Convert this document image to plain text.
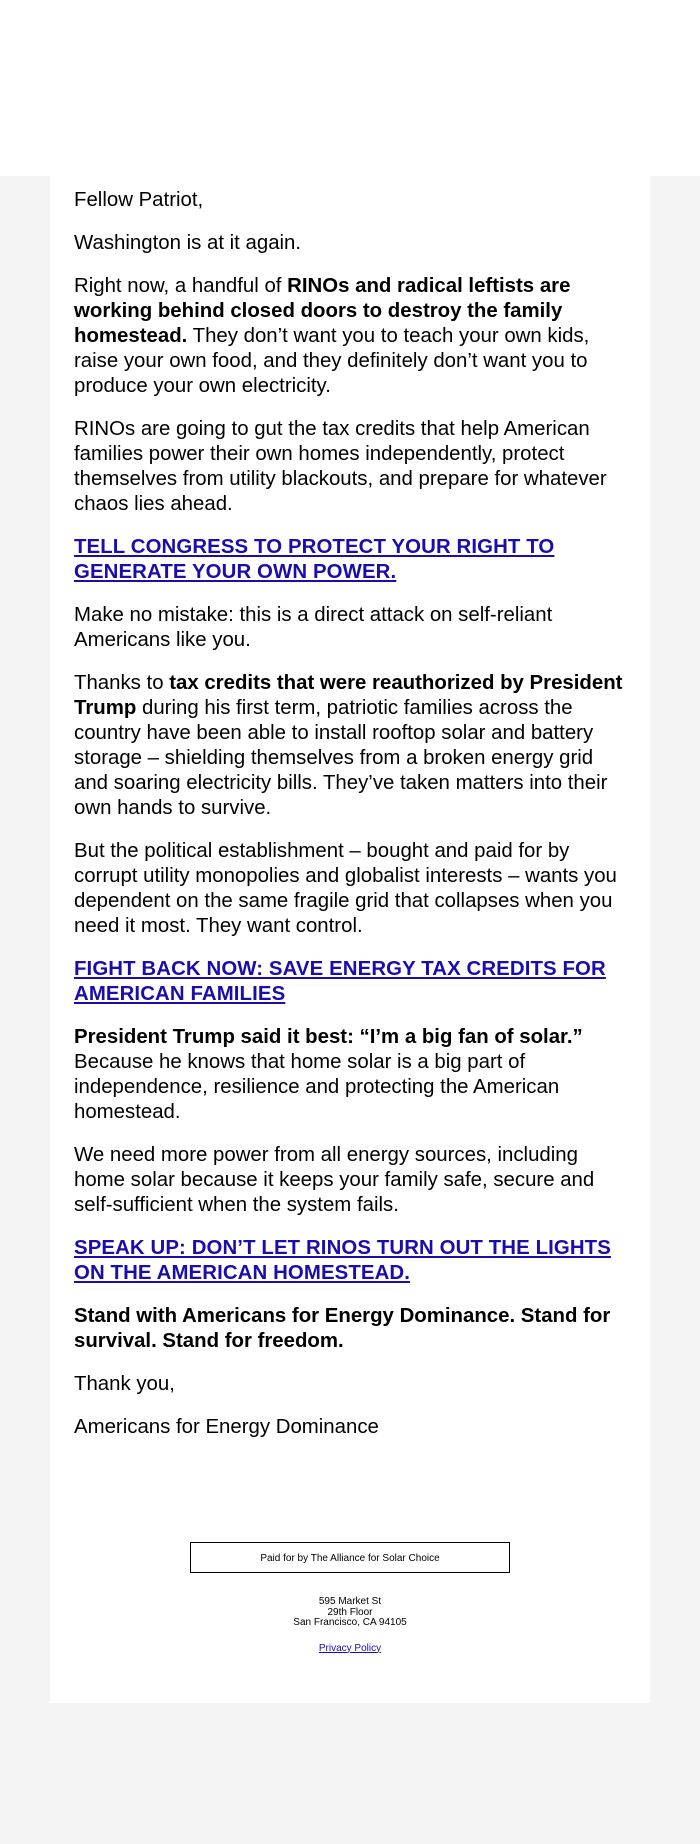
Fellow Patriot,

Washington is at it again.

Right now, a handful of RINOs and radical leftists are working behind closed doors to destroy the family homestead. They don’t want you to teach your own kids, raise your own food, and they definitely don’t want you to produce your own electricity.

RINOs are going to gut the tax credits that help American families power their own homes independently, protect themselves from utility blackouts, and prepare for whatever chaos lies ahead.

TELL CONGRESS TO PROTECT YOUR RIGHT TO GENERATE YOUR OWN POWER.

Make no mistake: this is a direct attack on self-reliant Americans like you.

Thanks to tax credits that were reauthorized by President Trump during his first term, patriotic families across the country have been able to install rooftop solar and battery storage – shielding themselves from a broken energy grid and soaring electricity bills. They’ve taken matters into their own hands to survive.

But the political establishment – bought and paid for by corrupt utility monopolies and globalist interests – wants you dependent on the same fragile grid that collapses when you need it most. They want control.

FIGHT BACK NOW: SAVE ENERGY TAX CREDITS FOR AMERICAN FAMILIES

President Trump said it best: “I’m a big fan of solar.” Because he knows that home solar is a big part of independence, resilience and protecting the American homestead.

We need more power from all energy sources, including home solar because it keeps your family safe, secure and self-sufficient when the system fails.

SPEAK UP: DON’T LET RINOS TURN OUT THE LIGHTS ON THE AMERICAN HOMESTEAD.

Stand with Americans for Energy Dominance. Stand for survival. Stand for freedom.

Thank you,

Americans for Energy Dominance

Paid for by The Alliance for Solar Choice
595 Market St
29th Floor
San Francisco, CA 94105
Privacy Policy
